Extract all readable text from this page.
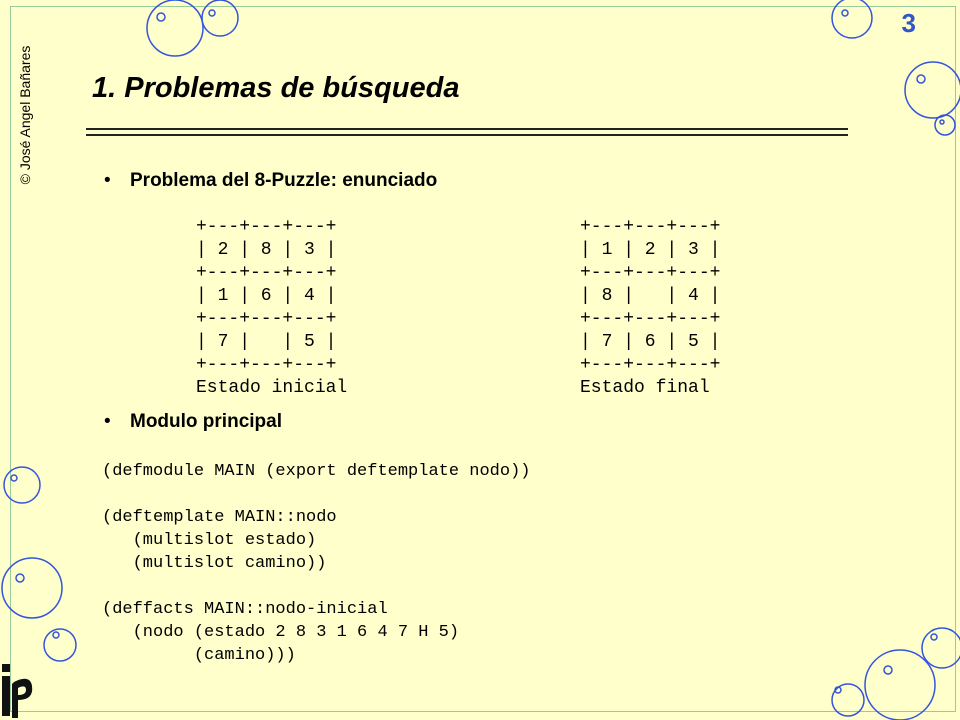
© José Angel Bañares
3
1. Problemas de búsqueda
• Problema del 8-Puzzle: enunciado
+---+---+---+
| 2 | 8 | 3 |
+---+---+---+
| 1 | 6 | 4 |
+---+---+---+
| 7 |   | 5 |
+---+---+---+
Estado inicial
+---+---+---+
| 1 | 2 | 3 |
+---+---+---+
| 8 |   | 4 |
+---+---+---+
| 7 | 6 | 5 |
+---+---+---+
Estado final
• Modulo principal
(defmodule MAIN (export deftemplate nodo))

(deftemplate MAIN::nodo
(multislot estado)
(multislot camino))

(deffacts MAIN::nodo-inicial
(nodo (estado 2 8 3 1 6 4 7 H 5)
(camino)))
